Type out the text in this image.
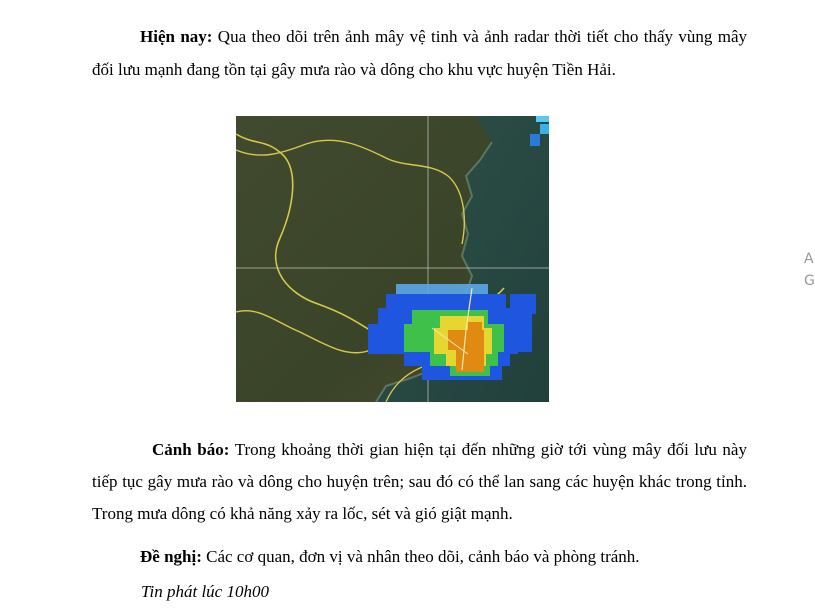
Hiện nay: Qua theo dõi trên ảnh mây vệ tinh và ảnh radar thời tiết cho thấy vùng mây đối lưu mạnh đang tồn tại gây mưa rào và dông cho khu vực huyện Tiền Hải.

Cảnh báo: Trong khoảng thời gian hiện tại đến những giờ tới vùng mây đối lưu này tiếp tục gây mưa rào và dông cho huyện trên; sau đó có thể lan sang các huyện khác trong tỉnh. Trong mưa dông có khả năng xảy ra lốc, sét và gió giật mạnh.

Đề nghị: Các cơ quan, đơn vị và nhân theo dõi, cảnh báo và phòng tránh.

Tin phát lúc 10h00

A
G
